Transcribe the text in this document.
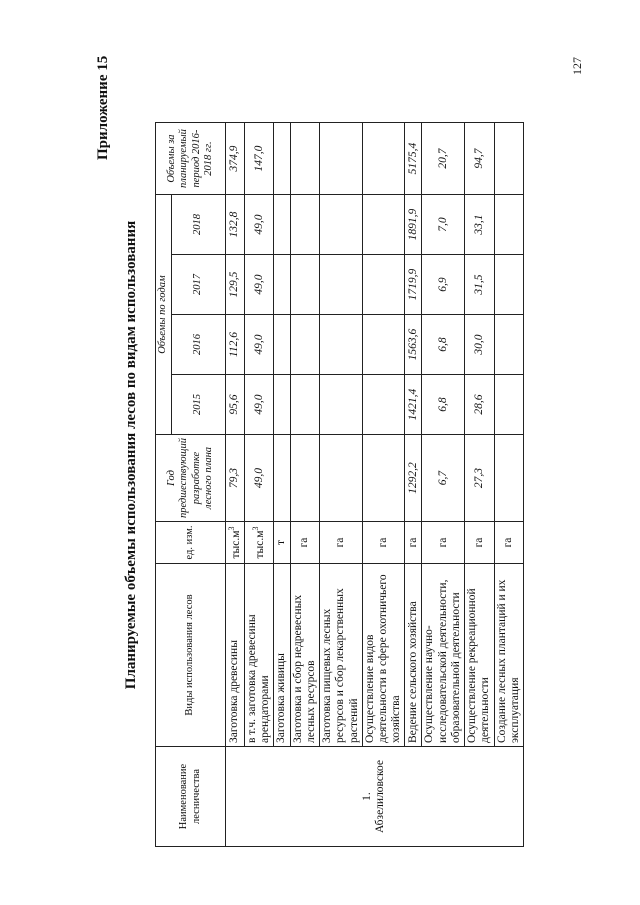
Приложение 15
Планируемые объемы использования лесов по видам использования
Наименование лесничества	Виды использования лесов	ед. изм.	Год предшествующий разработке лесного плана	Объемы по годам				Объемы за планируемый период 2016-2018 гг.
				2015	2016	2017	2018	

1. Абзелиловское	Заготовка древесины	$тыс.м^3$	79,3	95,6	112,6	129,5	132,8	374,9
	в т.ч. заготовка древесины арендаторами	$тыс.м^3$	49,0	49,0	49,0	49,0	49,0	147,0
	Заготовка живицы	т						
	Заготовка и сбор недревесных лесных ресурсов	га						
	Заготовка пищевых лесных ресурсов и сбор лекарственных растений	га						
	Осуществление видов деятельности в сфере охотничьего хозяйства	га						
	Ведение сельского хозяйства	га	1292,2	1421,4	1563,6	1719,9	1891,9	5175,4
	Осуществление научно-исследовательской деятельности, образовательной деятельности	га	6,7	6,8	6,8	6,9	7,0	20,7
	Осуществление рекреационной деятельности	га	27,3	28,6	30,0	31,5	33,1	94,7
	Создание лесных плантаций и их эксплуатация	га						
127
